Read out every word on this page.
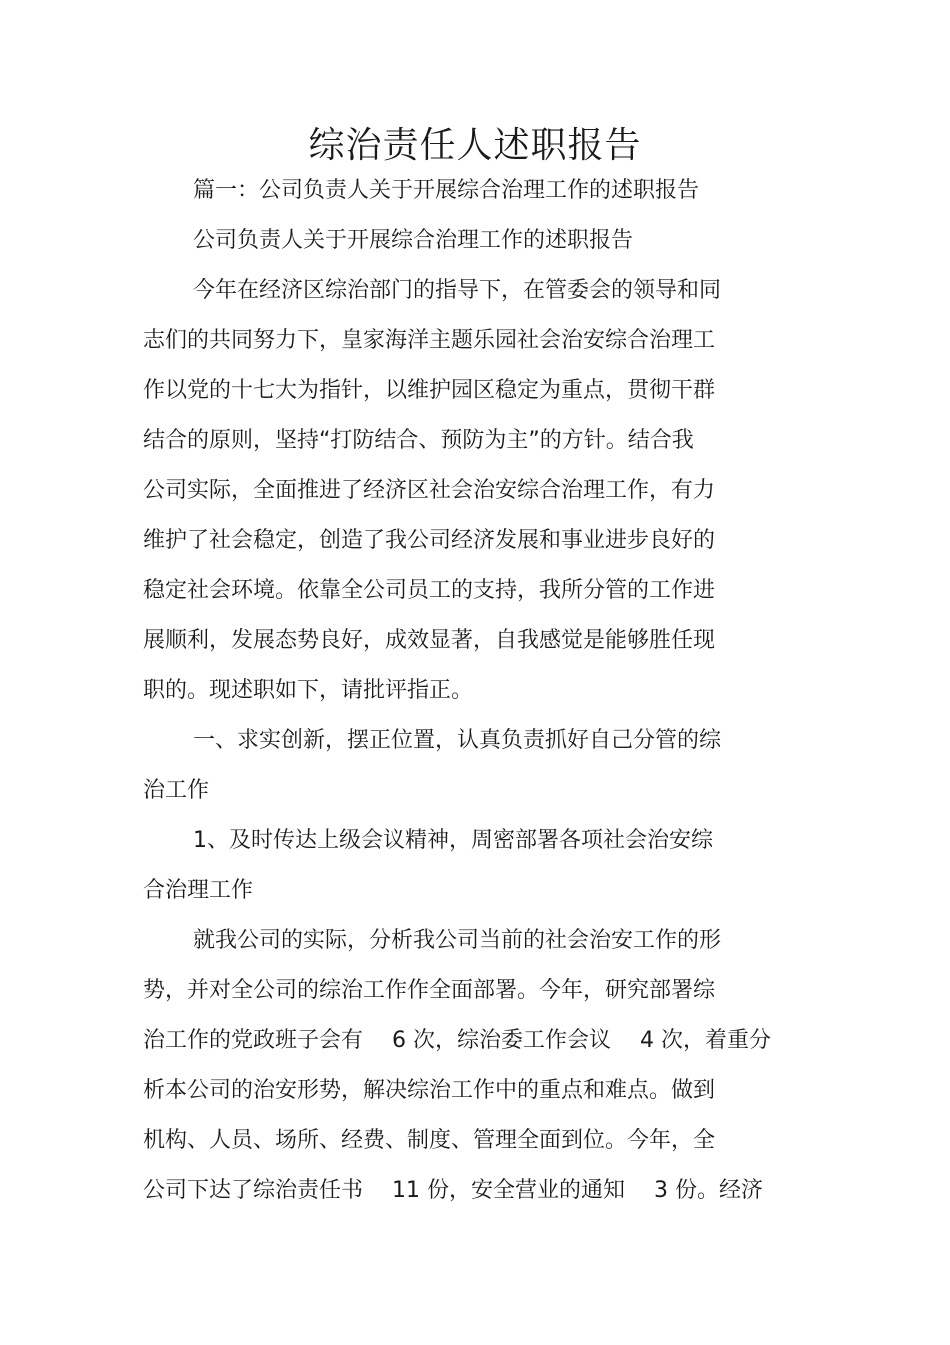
综治责任人述职报告

篇一：公司负责人关于开展综合治理工作的述职报告

公司负责人关于开展综合治理工作的述职报告

今年在经济区综治部门的指导下，在管委会的领导和同

志们的共同努力下，皇家海洋主题乐园社会治安综合治理工

作以党的十七大为指针，以维护园区稳定为重点，贯彻干群

结合的原则，坚持“打防结合、预防为主”的方针。结合我

公司实际，全面推进了经济区社会治安综合治理工作，有力

维护了社会稳定，创造了我公司经济发展和事业进步良好的

稳定社会环境。依靠全公司员工的支持，我所分管的工作进

展顺利，发展态势良好，成效显著，自我感觉是能够胜任现

职的。现述职如下，请批评指正。

一、求实创新，摆正位置，认真负责抓好自己分管的综

治工作

1、及时传达上级会议精神，周密部署各项社会治安综

合治理工作

就我公司的实际，分析我公司当前的社会治安工作的形

势，并对全公司的综治工作作全面部署。今年，研究部署综

治工作的党政班子会有　 6 次，综治委工作会议　 4 次，着重分

析本公司的治安形势，解决综治工作中的重点和难点。做到

机构、人员、场所、经费、制度、管理全面到位。今年，全

公司下达了综治责任书　 11 份，安全营业的通知　 3 份。经济
